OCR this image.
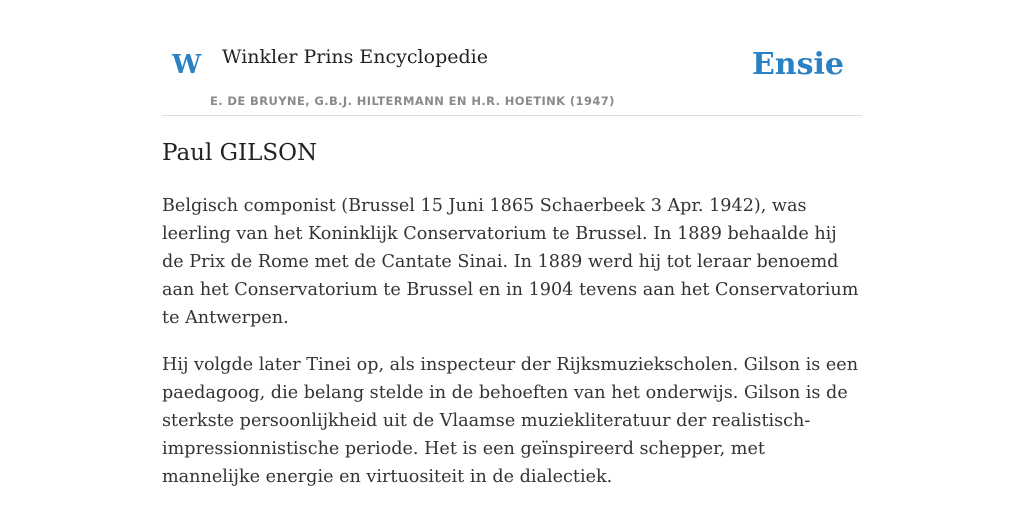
W Winkler Prins Encyclopedie
E. DE BRUYNE, G.B.J. HILTERMANN EN H.R. HOETINK (1947)
Ensie
Paul GILSON

Belgisch componist (Brussel 15 Juni 1865 Schaerbeek 3 Apr. 1942), was leerling van het Koninklijk Conservatorium te Brussel. In 1889 behaalde hij de Prix de Rome met de Cantate Sinai. In 1889 werd hij tot leraar benoemd aan het Conservatorium te Brussel en in 1904 tevens aan het Conservatorium te Antwerpen.

Hij volgde later Tinei op, als inspecteur der Rijksmuziekscholen. Gilson is een paedagoog, die belang stelde in de behoeften van het onderwijs. Gilson is de sterkste persoonlijkheid uit de Vlaamse muziekliteratuur der realistisch-impressionnistische periode. Het is een geïnspireerd schepper, met mannelijke energie en virtuositeit in de dialectiek.
